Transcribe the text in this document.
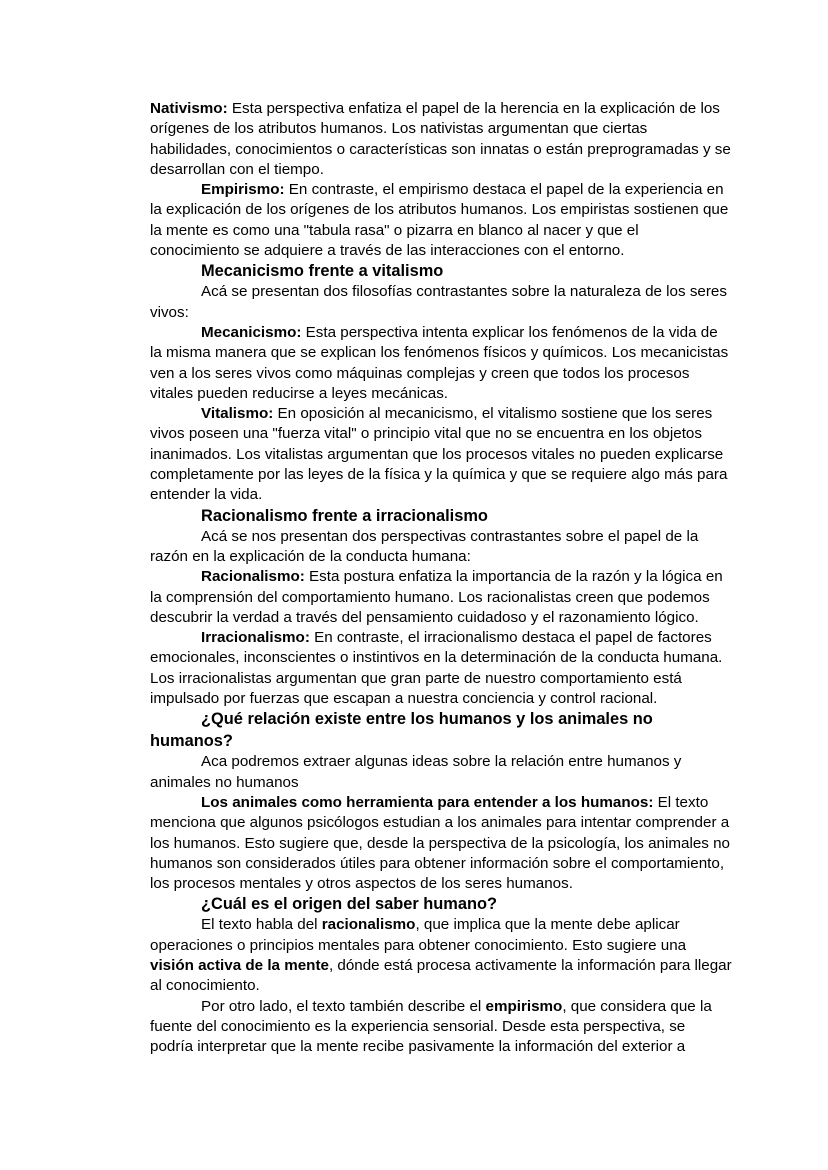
Nativismo: Esta perspectiva enfatiza el papel de la herencia en la explicación de los orígenes de los atributos humanos. Los nativistas argumentan que ciertas habilidades, conocimientos o características son innatas o están preprogramadas y se desarrollan con el tiempo.

Empirismo: En contraste, el empirismo destaca el papel de la experiencia en la explicación de los orígenes de los atributos humanos. Los empiristas sostienen que la mente es como una "tabula rasa" o pizarra en blanco al nacer y que el conocimiento se adquiere a través de las interacciones con el entorno.

Mecanicismo frente a vitalismo

Acá se presentan dos filosofías contrastantes sobre la naturaleza de los seres vivos:

Mecanicismo: Esta perspectiva intenta explicar los fenómenos de la vida de la misma manera que se explican los fenómenos físicos y químicos. Los mecanicistas ven a los seres vivos como máquinas complejas y creen que todos los procesos vitales pueden reducirse a leyes mecánicas.

Vitalismo: En oposición al mecanicismo, el vitalismo sostiene que los seres vivos poseen una "fuerza vital" o principio vital que no se encuentra en los objetos inanimados. Los vitalistas argumentan que los procesos vitales no pueden explicarse completamente por las leyes de la física y la química y que se requiere algo más para entender la vida.

Racionalismo frente a irracionalismo

Acá se nos presentan dos perspectivas contrastantes sobre el papel de la razón en la explicación de la conducta humana:

Racionalismo: Esta postura enfatiza la importancia de la razón y la lógica en la comprensión del comportamiento humano. Los racionalistas creen que podemos descubrir la verdad a través del pensamiento cuidadoso y el razonamiento lógico.

Irracionalismo: En contraste, el irracionalismo destaca el papel de factores emocionales, inconscientes o instintivos en la determinación de la conducta humana. Los irracionalistas argumentan que gran parte de nuestro comportamiento está impulsado por fuerzas que escapan a nuestra conciencia y control racional.

¿Qué relación existe entre los humanos y los animales no humanos?

Aca podremos extraer algunas ideas sobre la relación entre humanos y animales no humanos

Los animales como herramienta para entender a los humanos: El texto menciona que algunos psicólogos estudian a los animales para intentar comprender a los humanos. Esto sugiere que, desde la perspectiva de la psicología, los animales no humanos son considerados útiles para obtener información sobre el comportamiento, los procesos mentales y otros aspectos de los seres humanos.

¿Cuál es el origen del saber humano?

El texto habla del racionalismo, que implica que la mente debe aplicar operaciones o principios mentales para obtener conocimiento. Esto sugiere una visión activa de la mente, dónde está procesa activamente la información para llegar al conocimiento.

Por otro lado, el texto también describe el empirismo, que considera que la fuente del conocimiento es la experiencia sensorial. Desde esta perspectiva, se podría interpretar que la mente recibe pasivamente la información del exterior a
